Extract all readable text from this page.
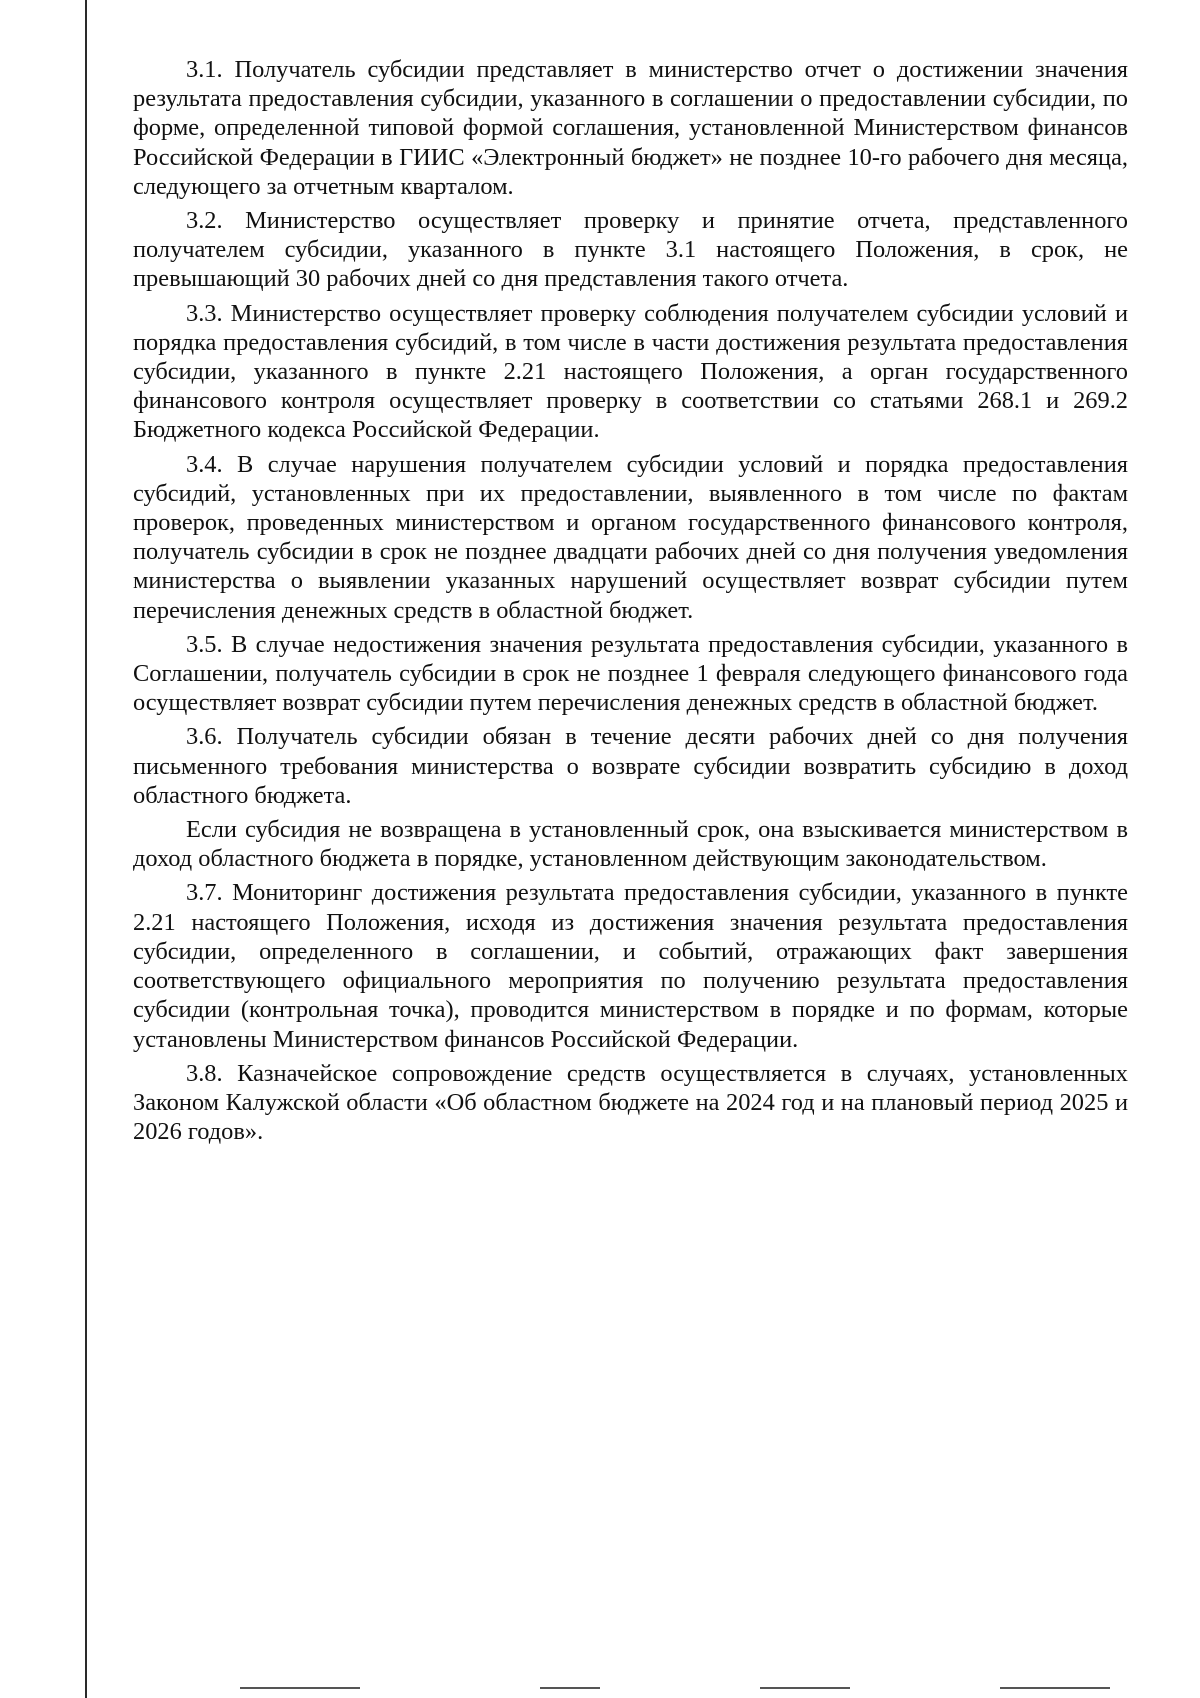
3.1. Получатель субсидии представляет в министерство отчет о достижении значения результата предоставления субсидии, указанного в соглашении о предоставлении субсидии, по форме, определенной типовой формой соглашения, установленной Министерством финансов Российской Федерации в ГИИС «Электронный бюджет» не позднее 10-го рабочего дня месяца, следующего за отчетным кварталом.

3.2. Министерство осуществляет проверку и принятие отчета, представленного получателем субсидии, указанного в пункте 3.1 настоящего Положения, в срок, не превышающий 30 рабочих дней со дня представления такого отчета.

3.3. Министерство осуществляет проверку соблюдения получателем субсидии условий и порядка предоставления субсидий, в том числе в части достижения результата предоставления субсидии, указанного в пункте 2.21 настоящего Положения, а орган государственного финансового контроля осуществляет проверку в соответствии со статьями 268.1 и 269.2 Бюджетного кодекса Российской Федерации.

3.4. В случае нарушения получателем субсидии условий и порядка предоставления субсидий, установленных при их предоставлении, выявленного в том числе по фактам проверок, проведенных министерством и органом государственного финансового контроля, получатель субсидии в срок не позднее двадцати рабочих дней со дня получения уведомления министерства о выявлении указанных нарушений осуществляет возврат субсидии путем перечисления денежных средств в областной бюджет.

3.5. В случае недостижения значения результата предоставления субсидии, указанного в Соглашении, получатель субсидии в срок не позднее 1 февраля следующего финансового года осуществляет возврат субсидии путем перечисления денежных средств в областной бюджет.

3.6. Получатель субсидии обязан в течение десяти рабочих дней со дня получения письменного требования министерства о возврате субсидии возвратить субсидию в доход областного бюджета.

Если субсидия не возвращена в установленный срок, она взыскивается министерством в доход областного бюджета в порядке, установленном действующим законодательством.

3.7. Мониторинг достижения результата предоставления субсидии, указанного в пункте 2.21 настоящего Положения, исходя из достижения значения результата предоставления субсидии, определенного в соглашении, и событий, отражающих факт завершения соответствующего официального мероприятия по получению результата предоставления субсидии (контрольная точка), проводится министерством в порядке и по формам, которые установлены Министерством финансов Российской Федерации.

3.8. Казначейское сопровождение средств осуществляется в случаях, установленных Законом Калужской области «Об областном бюджете на 2024 год и на плановый период 2025 и 2026 годов».
